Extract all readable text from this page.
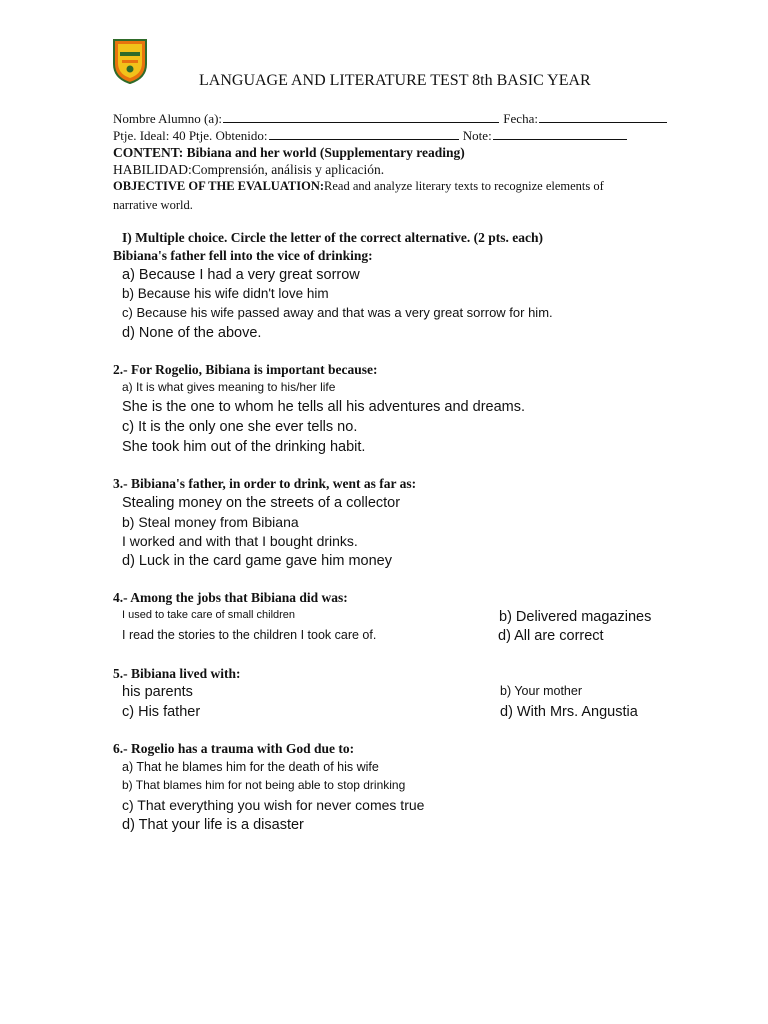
LANGUAGE AND LITERATURE TEST 8th BASIC YEAR
Nombre Alumno (a):	Fecha:
Ptje. Ideal: 40 Ptje. Obtenido:	Note:
CONTENT: Bibiana and her world (Supplementary reading)
HABILIDAD:Comprensión, análisis y aplicación.
OBJECTIVE OF THE EVALUATION:Read and analyze literary texts to recognize elements of
narrative world.
I) Multiple choice. Circle the letter of the correct alternative. (2 pts. each)
Bibiana's father fell into the vice of drinking:
a) Because I had a very great sorrow
b) Because his wife didn't love him
c) Because his wife passed away and that was a very great sorrow for him.
d) None of the above.
2.- For Rogelio, Bibiana is important because:
a) It is what gives meaning to his/her life
She is the one to whom he tells all his adventures and dreams.
c) It is the only one she ever tells no.
She took him out of the drinking habit.
3.- Bibiana's father, in order to drink, went as far as:
Stealing money on the streets of a collector
b) Steal money from Bibiana
I worked and with that I bought drinks.
d) Luck in the card game gave him money
4.- Among the jobs that Bibiana did was:
I used to take care of small children	b) Delivered magazines
I read the stories to the children I took care of.	d) All are correct
5.- Bibiana lived with:
his parents	b) Your mother
c) His father	d) With Mrs. Angustia
6.- Rogelio has a trauma with God due to:
a) That he blames him for the death of his wife
b) That blames him for not being able to stop drinking
c) That everything you wish for never comes true
d) That your life is a disaster
